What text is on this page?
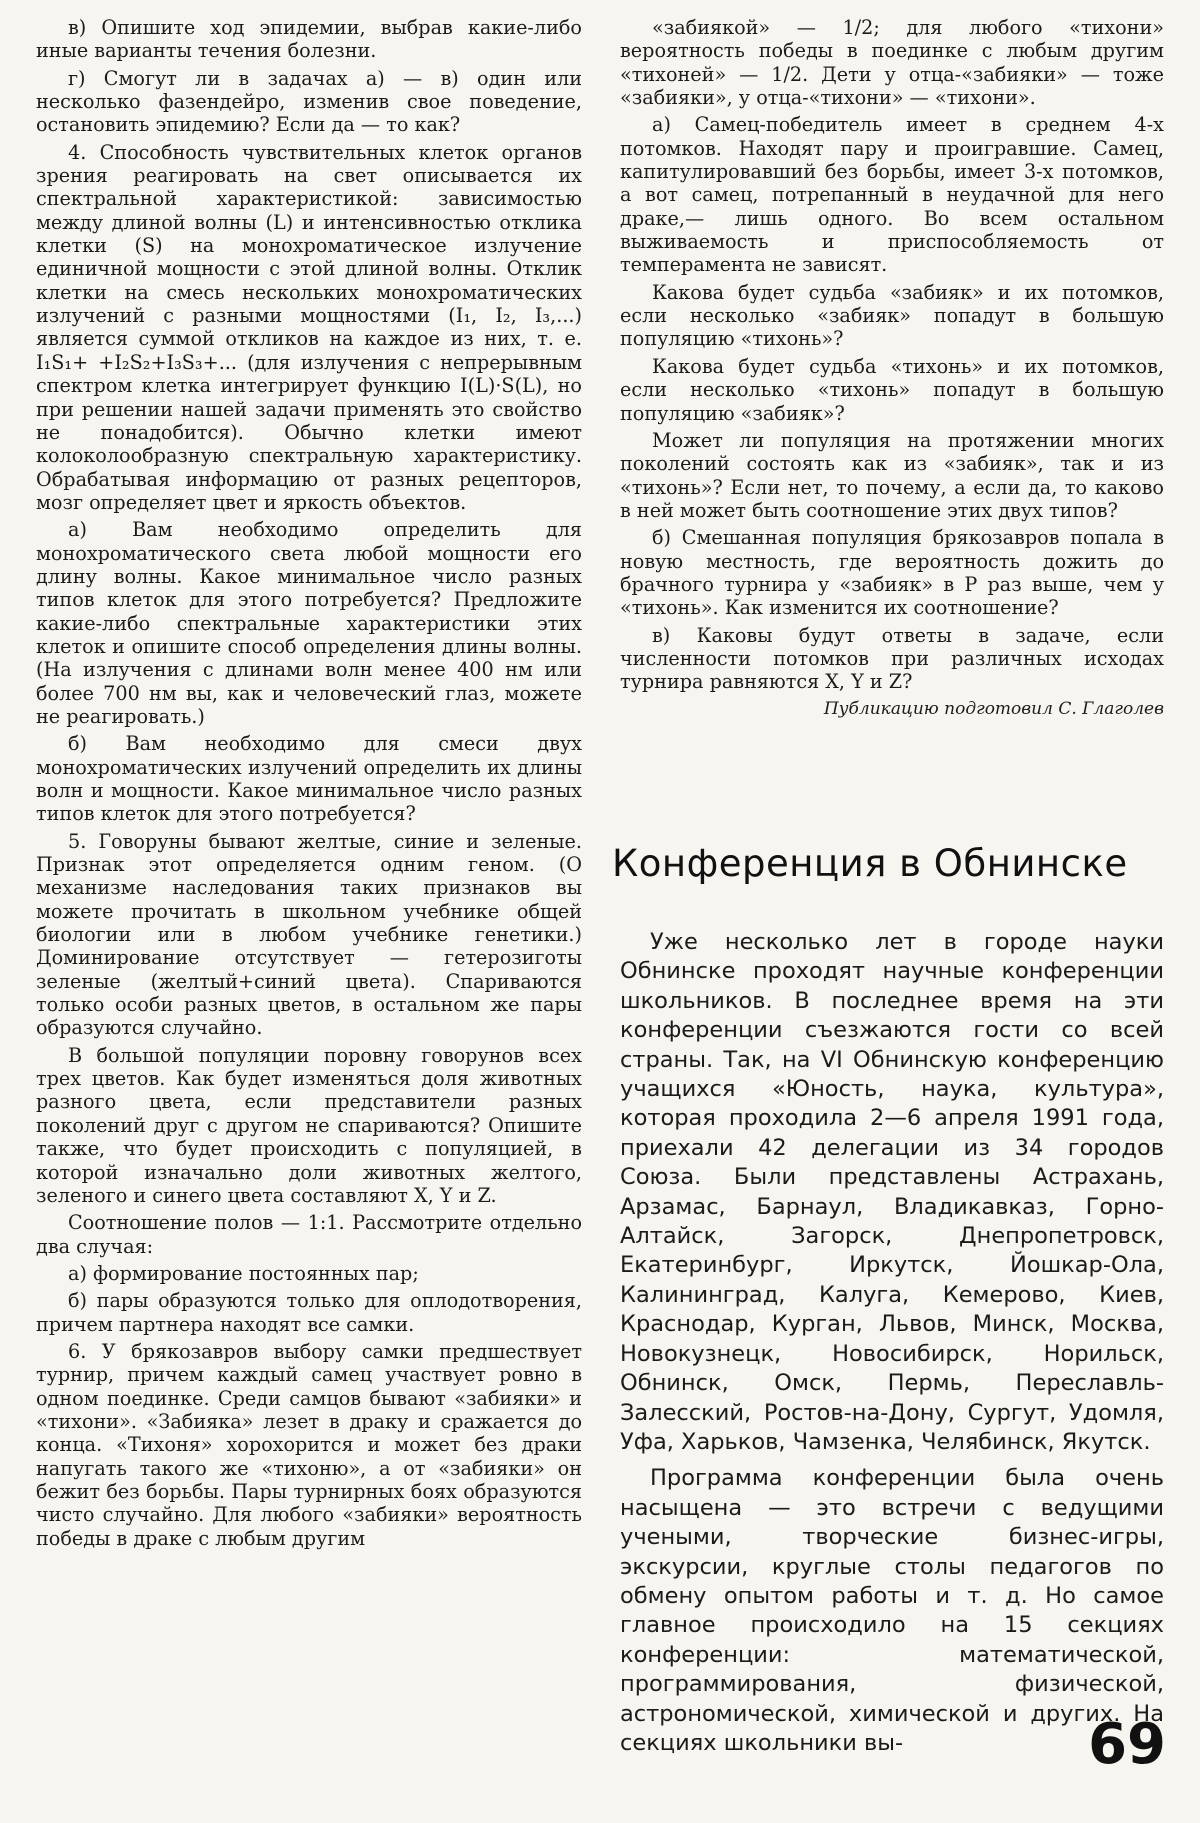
в) Опишите ход эпидемии, выбрав какие-либо иные варианты течения болезни.

г) Смогут ли в задачах а) — в) один или несколько фазендейро, изменив свое поведение, остановить эпидемию? Если да — то как?

4. Способность чувствительных клеток органов зрения реагировать на свет описывается их спектральной характеристикой: зависимостью между длиной волны (L) и интенсивностью отклика клетки (S) на монохроматическое излучение единичной мощности с этой длиной волны. Отклик клетки на смесь нескольких монохроматических излучений с разными мощностями (I₁, I₂, I₃,...) является суммой откликов на каждое из них, т. е. I₁S₁+ +I₂S₂+I₃S₃+... (для излучения с непрерывным спектром клетка интегрирует функцию I(L)·S(L), но при решении нашей задачи применять это свойство не понадобится). Обычно клетки имеют колоколообразную спектральную характеристику. Обрабатывая информацию от разных рецепторов, мозг определяет цвет и яркость объектов.

а) Вам необходимо определить для монохроматического света любой мощности его длину волны. Какое минимальное число разных типов клеток для этого потребуется? Предложите какие-либо спектральные характеристики этих клеток и опишите способ определения длины волны. (На излучения с длинами волн менее 400 нм или более 700 нм вы, как и человеческий глаз, можете не реагировать.)

б) Вам необходимо для смеси двух монохроматических излучений определить их длины волн и мощности. Какое минимальное число разных типов клеток для этого потребуется?

5. Говоруны бывают желтые, синие и зеленые. Признак этот определяется одним геном. (О механизме наследования таких признаков вы можете прочитать в школьном учебнике общей биологии или в любом учебнике генетики.) Доминирование отсутствует — гетерозиготы зеленые (желтый+синий цвета). Спариваются только особи разных цветов, в остальном же пары образуются случайно.

В большой популяции поровну говорунов всех трех цветов. Как будет изменяться доля животных разного цвета, если представители разных поколений друг с другом не спариваются? Опишите также, что будет происходить с популяцией, в которой изначально доли животных желтого, зеленого и синего цвета составляют X, Y и Z.

Соотношение полов — 1:1. Рассмотрите отдельно два случая:

а) формирование постоянных пар;

б) пары образуются только для оплодотворения, причем партнера находят все самки.

6. У брякозавров выбору самки предшествует турнир, причем каждый самец участвует ровно в одном поединке. Среди самцов бывают «забияки» и «тихони». «Забияка» лезет в драку и сражается до конца. «Тихоня» хорохорится и может без драки напугать такого же «тихоню», а от «забияки» он бежит без борьбы. Пары турнирных боях образуются чисто случайно. Для любого «забияки» вероятность победы в драке с любым другим

«забиякой» — 1/2; для любого «тихони» вероятность победы в поединке с любым другим «тихоней» — 1/2. Дети у отца-«забияки» — тоже «забияки», у отца-«тихони» — «тихони».

а) Самец-победитель имеет в среднем 4-х потомков. Находят пару и проигравшие. Самец, капитулировавший без борьбы, имеет 3-х потомков, а вот самец, потрепанный в неудачной для него драке,— лишь одного. Во всем остальном выживаемость и приспособляемость от темперамента не зависят.

Какова будет судьба «забияк» и их потомков, если несколько «забияк» попадут в большую популяцию «тихонь»?

Какова будет судьба «тихонь» и их потомков, если несколько «тихонь» попадут в большую популяцию «забияк»?

Может ли популяция на протяжении многих поколений состоять как из «забияк», так и из «тихонь»? Если нет, то почему, а если да, то каково в ней может быть соотношение этих двух типов?

б) Смешанная популяция брякозавров попала в новую местность, где вероятность дожить до брачного турнира у «забияк» в P раз выше, чем у «тихонь». Как изменится их соотношение?

в) Каковы будут ответы в задаче, если численности потомков при различных исходах турнира равняются X, Y и Z?

Публикацию подготовил С. Глаголев

Конференция в Обнинске

Уже несколько лет в городе науки Обнинске проходят научные конференции школьников. В последнее время на эти конференции съезжаются гости со всей страны. Так, на VI Обнинскую конференцию учащихся «Юность, наука, культура», которая проходила 2—6 апреля 1991 года, приехали 42 делегации из 34 городов Союза. Были представлены Астрахань, Арзамас, Барнаул, Владикавказ, Горно-Алтайск, Загорск, Днепропетровск, Екатеринбург, Иркутск, Йошкар-Ола, Калининград, Калуга, Кемерово, Киев, Краснодар, Курган, Львов, Минск, Москва, Новокузнецк, Новосибирск, Норильск, Обнинск, Омск, Пермь, Переславль-Залесский, Ростов-на-Дону, Сургут, Удомля, Уфа, Харьков, Чамзенка, Челябинск, Якутск.

Программа конференции была очень насыщена — это встречи с ведущими учеными, творческие бизнес-игры, экскурсии, круглые столы педагогов по обмену опытом работы и т. д. Но самое главное происходило на 15 секциях конференции: математической, программирования, физической, астрономической, химической и других. На секциях школьники вы-	69
